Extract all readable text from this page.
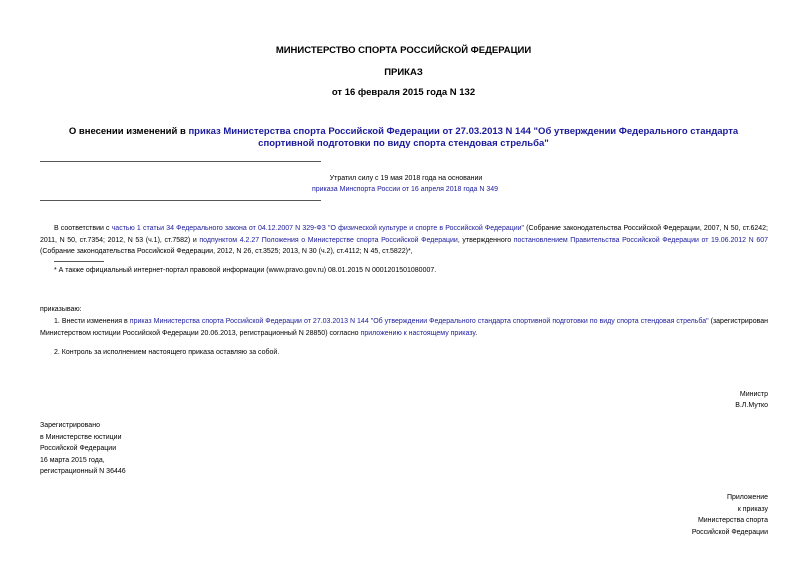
МИНИСТЕРСТВО СПОРТА РОССИЙСКОЙ ФЕДЕРАЦИИ
ПРИКАЗ
от 16 февраля 2015 года N 132
О внесении изменений в приказ Министерства спорта Российской Федерации от 27.03.2013 N 144 "Об утверждении Федерального стандарта спортивной подготовки по виду спорта стендовая стрельба"
Утратил силу с 19 мая 2018 года на основании
приказа Минспорта России от 16 апреля 2018 года N 349
В соответствии с частью 1 статьи 34 Федерального закона от 04.12.2007 N 329-ФЗ "О физической культуре и спорте в Российской Федерации" (Собрание законодательства Российской Федерации, 2007, N 50, ст.6242; 2011, N 50, ст.7354; 2012, N 53 (ч.1), ст.7582) и подпунктом 4.2.27 Положения о Министерстве спорта Российской Федерации, утвержденного постановлением Правительства Российской Федерации от 19.06.2012 N 607 (Собрание законодательства Российской Федерации, 2012, N 26, ст.3525; 2013, N 30 (ч.2), ст.4112; N 45, ст.5822)*,
* А также официальный интернет-портал правовой информации (www.pravo.gov.ru) 08.01.2015 N 0001201501080007.
приказываю:
1. Внести изменения в приказ Министерства спорта Российской Федерации от 27.03.2013 N 144 "Об утверждении Федерального стандарта спортивной подготовки по виду спорта стендовая стрельба" (зарегистрирован Министерством юстиции Российской Федерации 20.06.2013, регистрационный N 28850) согласно приложению к настоящему приказу.
2. Контроль за исполнением настоящего приказа оставляю за собой.
Министр
В.Л.Мутко
Зарегистрировано
в Министерстве юстиции
Российской Федерации
16 марта 2015 года,
регистрационный N 36446
Приложение
к приказу
Министерства спорта
Российской Федерации
